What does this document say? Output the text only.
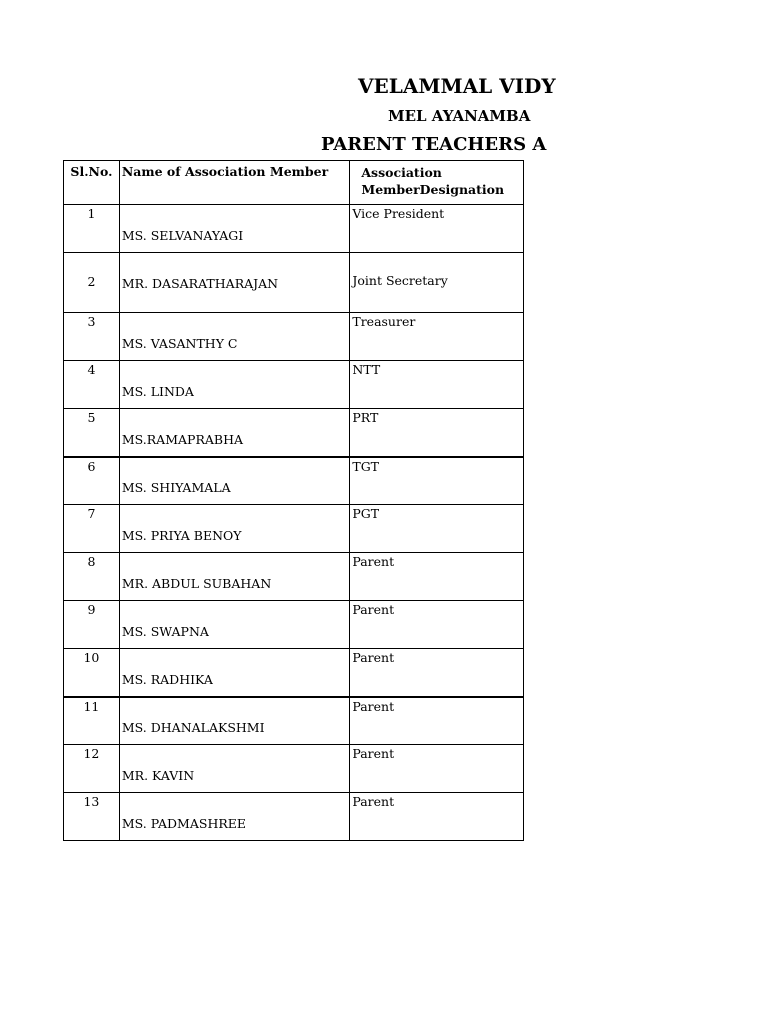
VELAMMAL VIDY
MEL AYANAMBA
PARENT TEACHERS A
Sl.No.	Name of Association Member	Association
MemberDesignation

1	MS. SELVANAYAGI	Vice President

2	MR. DASARATHARAJAN	Joint Secretary

3	MS. VASANTHY C	Treasurer

4	MS. LINDA	NTT

5	MS.RAMAPRABHA	PRT

6	MS. SHIYAMALA	TGT

7	MS. PRIYA BENOY	PGT

8	MR. ABDUL SUBAHAN	Parent

9	MS. SWAPNA	Parent

10	MS. RADHIKA	Parent

11	MS. DHANALAKSHMI	Parent

12	MR. KAVIN	Parent

13	MS. PADMASHREE	Parent
